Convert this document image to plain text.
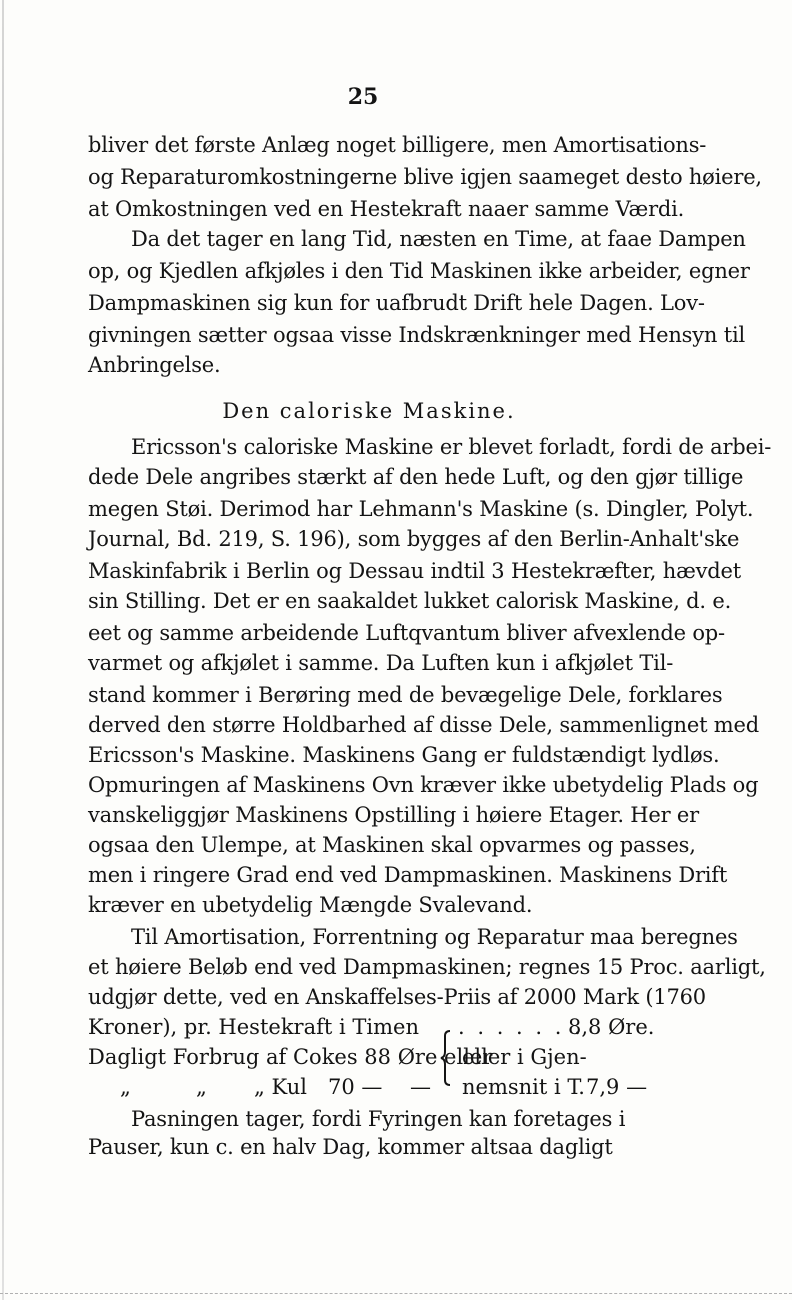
25
bliver det første Anlæg noget billigere, men Amortisations-
og Reparaturomkostningerne blive igjen saameget desto høiere,
at Omkostningen ved en Hestekraft naaer samme Værdi.
Da det tager en lang Tid, næsten en Time, at faae Dampen
op, og Kjedlen afkjøles i den Tid Maskinen ikke arbeider, egner
Dampmaskinen sig kun for uafbrudt Drift hele Dagen. Lov-
givningen sætter ogsaa visse Indskrænkninger med Hensyn til
Anbringelse.
Den caloriske Maskine.
Ericsson's caloriske Maskine er blevet forladt, fordi de arbei-
dede Dele angribes stærkt af den hede Luft, og den gjør tillige
megen Støi. Derimod har Lehmann's Maskine (s. Dingler, Polyt.
Journal, Bd. 219, S. 196), som bygges af den Berlin-Anhalt'ske
Maskinfabrik i Berlin og Dessau indtil 3 Hestekræfter, hævdet
sin Stilling. Det er en saakaldet lukket calorisk Maskine, d. e.
eet og samme arbeidende Luftqvantum bliver afvexlende op-
varmet og afkjølet i samme. Da Luften kun i afkjølet Til-
stand kommer i Berøring med de bevægelige Dele, forklares
derved den større Holdbarhed af disse Dele, sammenlignet med
Ericsson's Maskine. Maskinens Gang er fuldstændigt lydløs.
Opmuringen af Maskinens Ovn kræver ikke ubetydelig Plads og
vanskeliggjør Maskinens Opstilling i høiere Etager. Her er
ogsaa den Ulempe, at Maskinen skal opvarmes og passes,
men i ringere Grad end ved Dampmaskinen. Maskinens Drift
kræver en ubetydelig Mængde Svalevand.
Til Amortisation, Forrentning og Reparatur maa beregnes
et høiere Beløb end ved Dampmaskinen; regnes 15 Proc. aarligt,
udgjør dette, ved en Anskaffelses-Priis af 2000 Mark (1760
Kroner), pr. Hestekraft i Timen . . . . . . .
8,8 Øre.
Dagligt Forbrug af Cokes 88 Øre eller
eller i Gjen-
„	„ „ Kul 70 — — nemsnit i T. 7,9 —
Pasningen tager, fordi Fyringen kan foretages i
Pauser, kun c. en halv Dag, kommer altsaa dagligt
